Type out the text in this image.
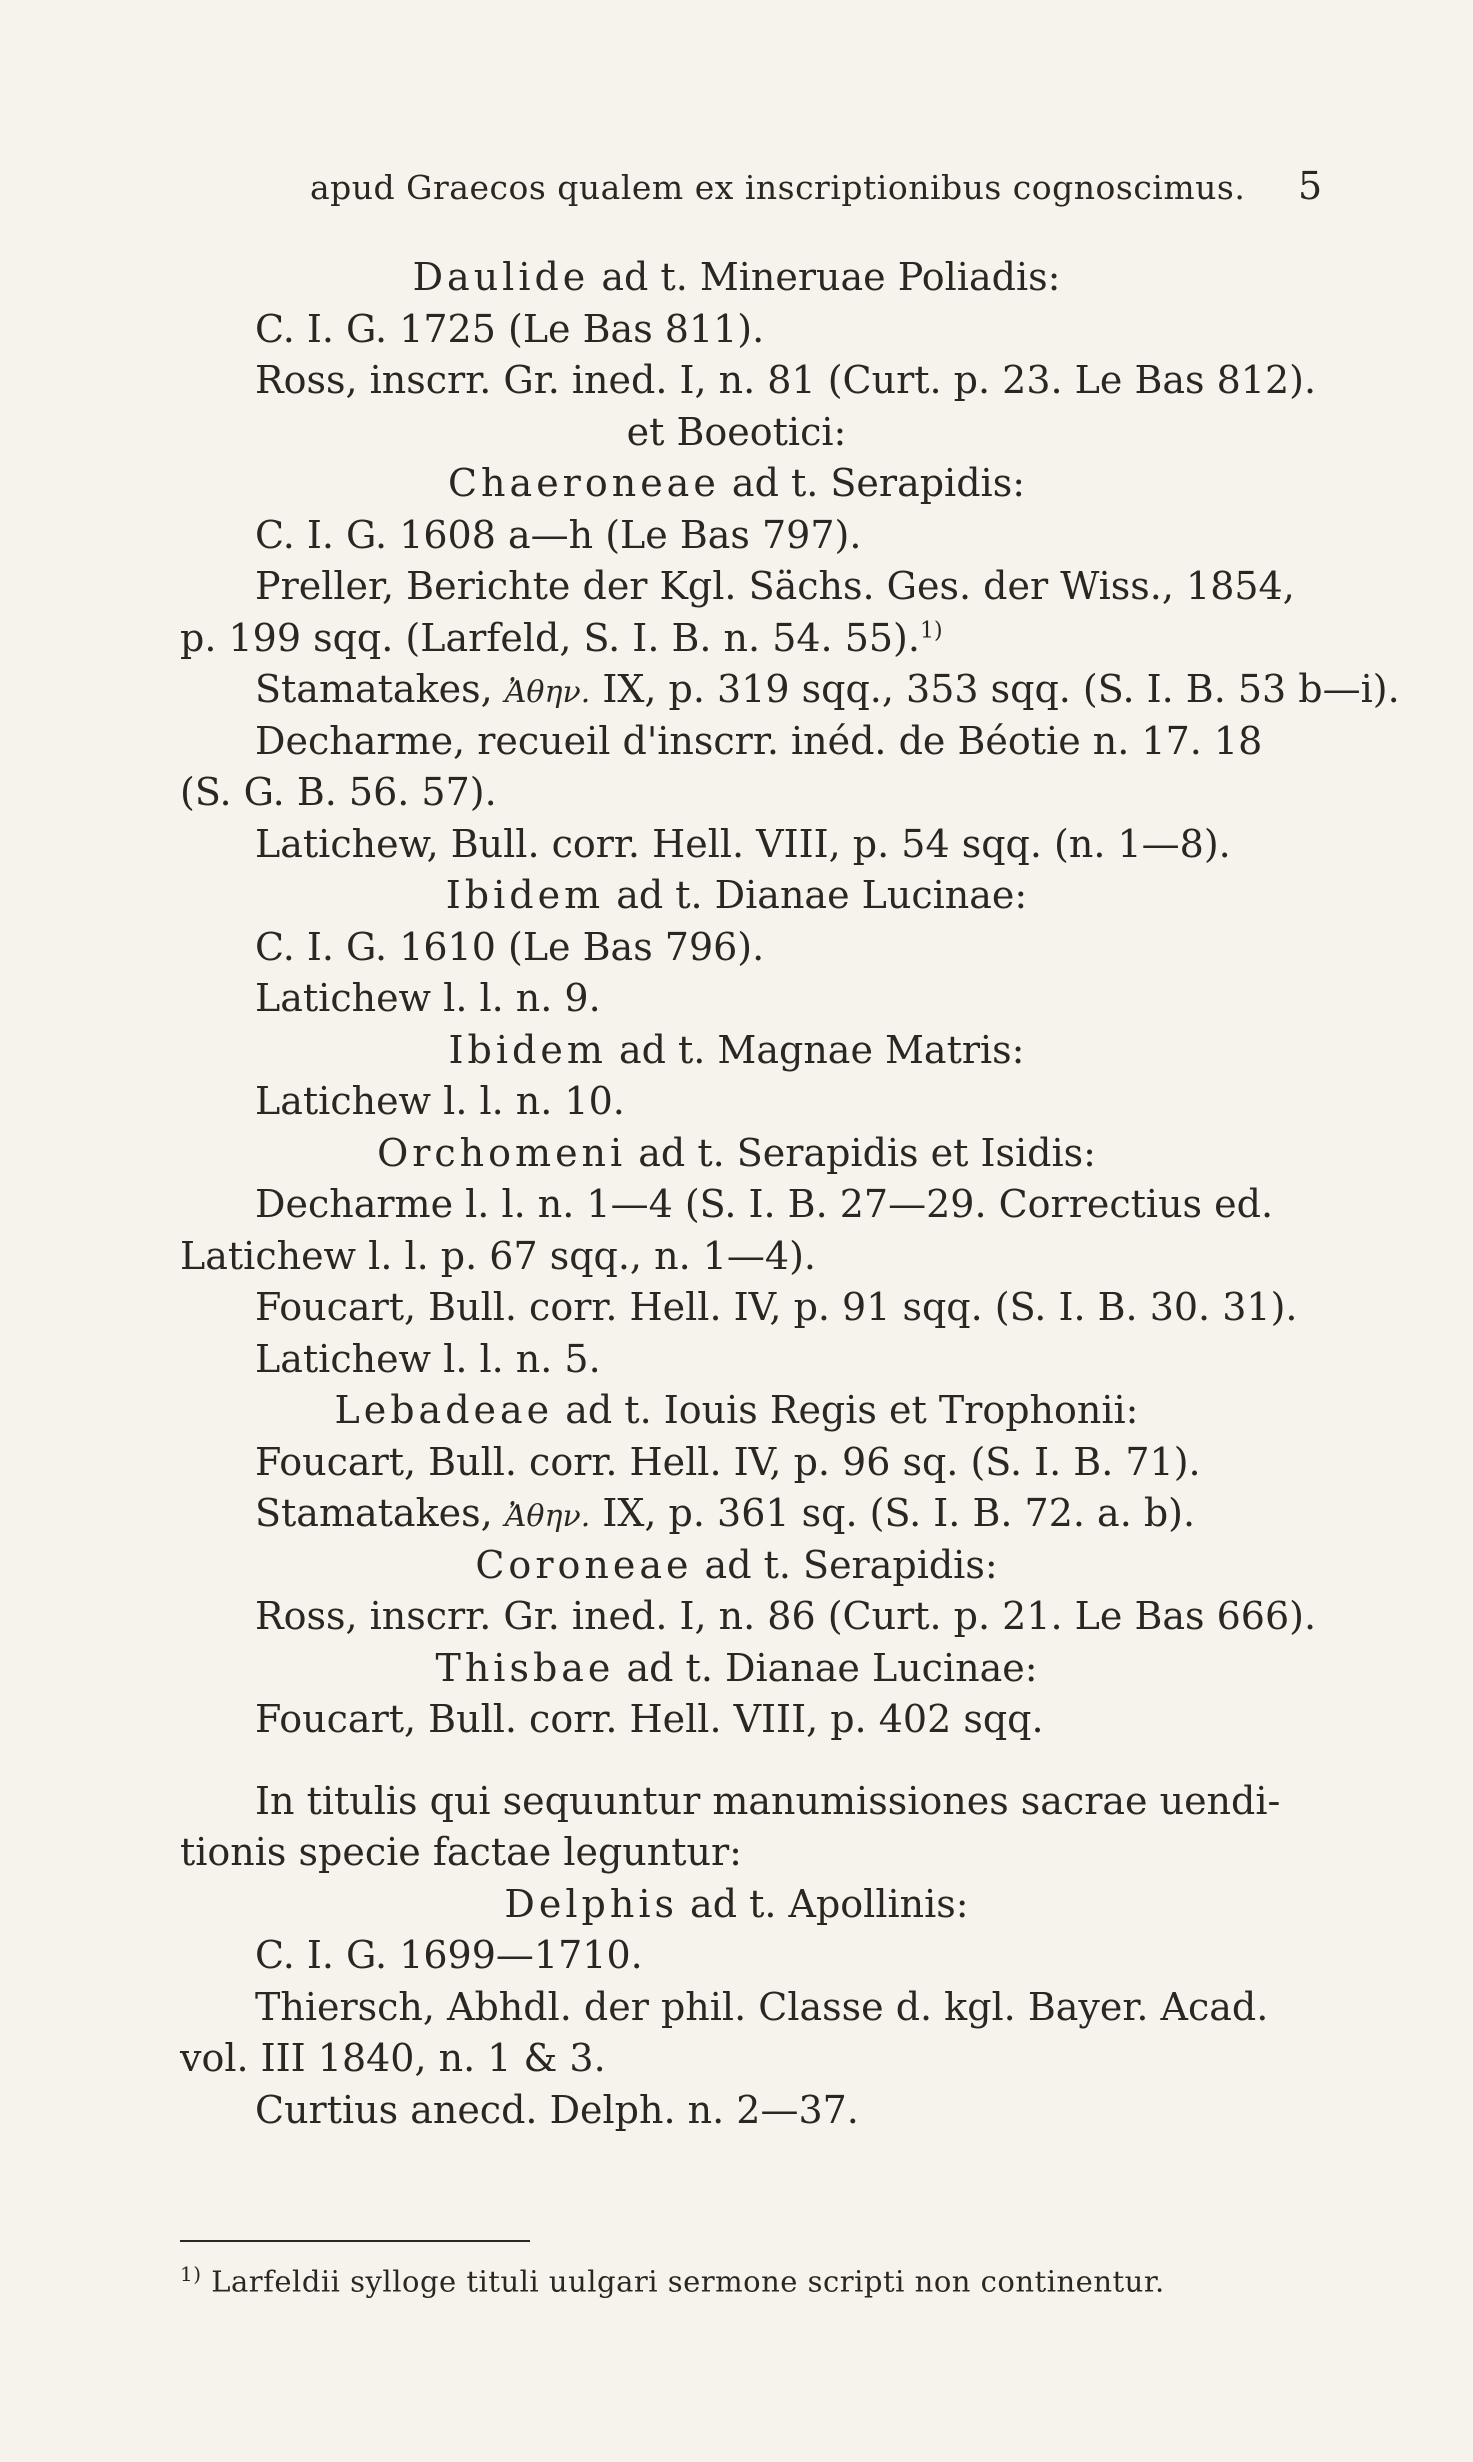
apud Graecos qualem ex inscriptionibus cognoscimus. 5
Daulide ad t. Mineruae Poliadis:
C. I. G. 1725 (Le Bas 811).
Ross, inscrr. Gr. ined. I, n. 81 (Curt. p. 23. Le Bas 812).
et Boeotici:
Chaeroneae ad t. Serapidis:
C. I. G. 1608 a—h (Le Bas 797).
Preller, Berichte der Kgl. Sächs. Ges. der Wiss., 1854,
p. 199 sqq. (Larfeld, S. I. B. n. 54. 55).$^{1)}$
Stamatakes, Ἀθην. IX, p. 319 sqq., 353 sqq. (S. I. B. 53 b—i).
Decharme, recueil d'inscrr. inéd. de Béotie n. 17. 18
(S. G. B. 56. 57).
Latichew, Bull. corr. Hell. VIII, p. 54 sqq. (n. 1—8).
Ibidem ad t. Dianae Lucinae:
C. I. G. 1610 (Le Bas 796).
Latichew l. l. n. 9.
Ibidem ad t. Magnae Matris:
Latichew l. l. n. 10.
Orchomeni ad t. Serapidis et Isidis:
Decharme l. l. n. 1—4 (S. I. B. 27—29. Correctius ed.
Latichew l. l. p. 67 sqq., n. 1—4).
Foucart, Bull. corr. Hell. IV, p. 91 sqq. (S. I. B. 30. 31).
Latichew l. l. n. 5.
Lebadeae ad t. Iouis Regis et Trophonii:
Foucart, Bull. corr. Hell. IV, p. 96 sq. (S. I. B. 71).
Stamatakes, Ἀθην. IX, p. 361 sq. (S. I. B. 72. a. b).
Coroneae ad t. Serapidis:
Ross, inscrr. Gr. ined. I, n. 86 (Curt. p. 21. Le Bas 666).
Thisbae ad t. Dianae Lucinae:
Foucart, Bull. corr. Hell. VIII, p. 402 sqq.
In titulis qui sequuntur manumissiones sacrae uendi-
tionis specie factae leguntur:
Delphis ad t. Apollinis:
C. I. G. 1699—1710.
Thiersch, Abhdl. der phil. Classe d. kgl. Bayer. Acad.
vol. III 1840, n. 1 & 3.
Curtius anecd. Delph. n. 2—37.
$^{1)}$ Larfeldii sylloge tituli uulgari sermone scripti non continentur.
